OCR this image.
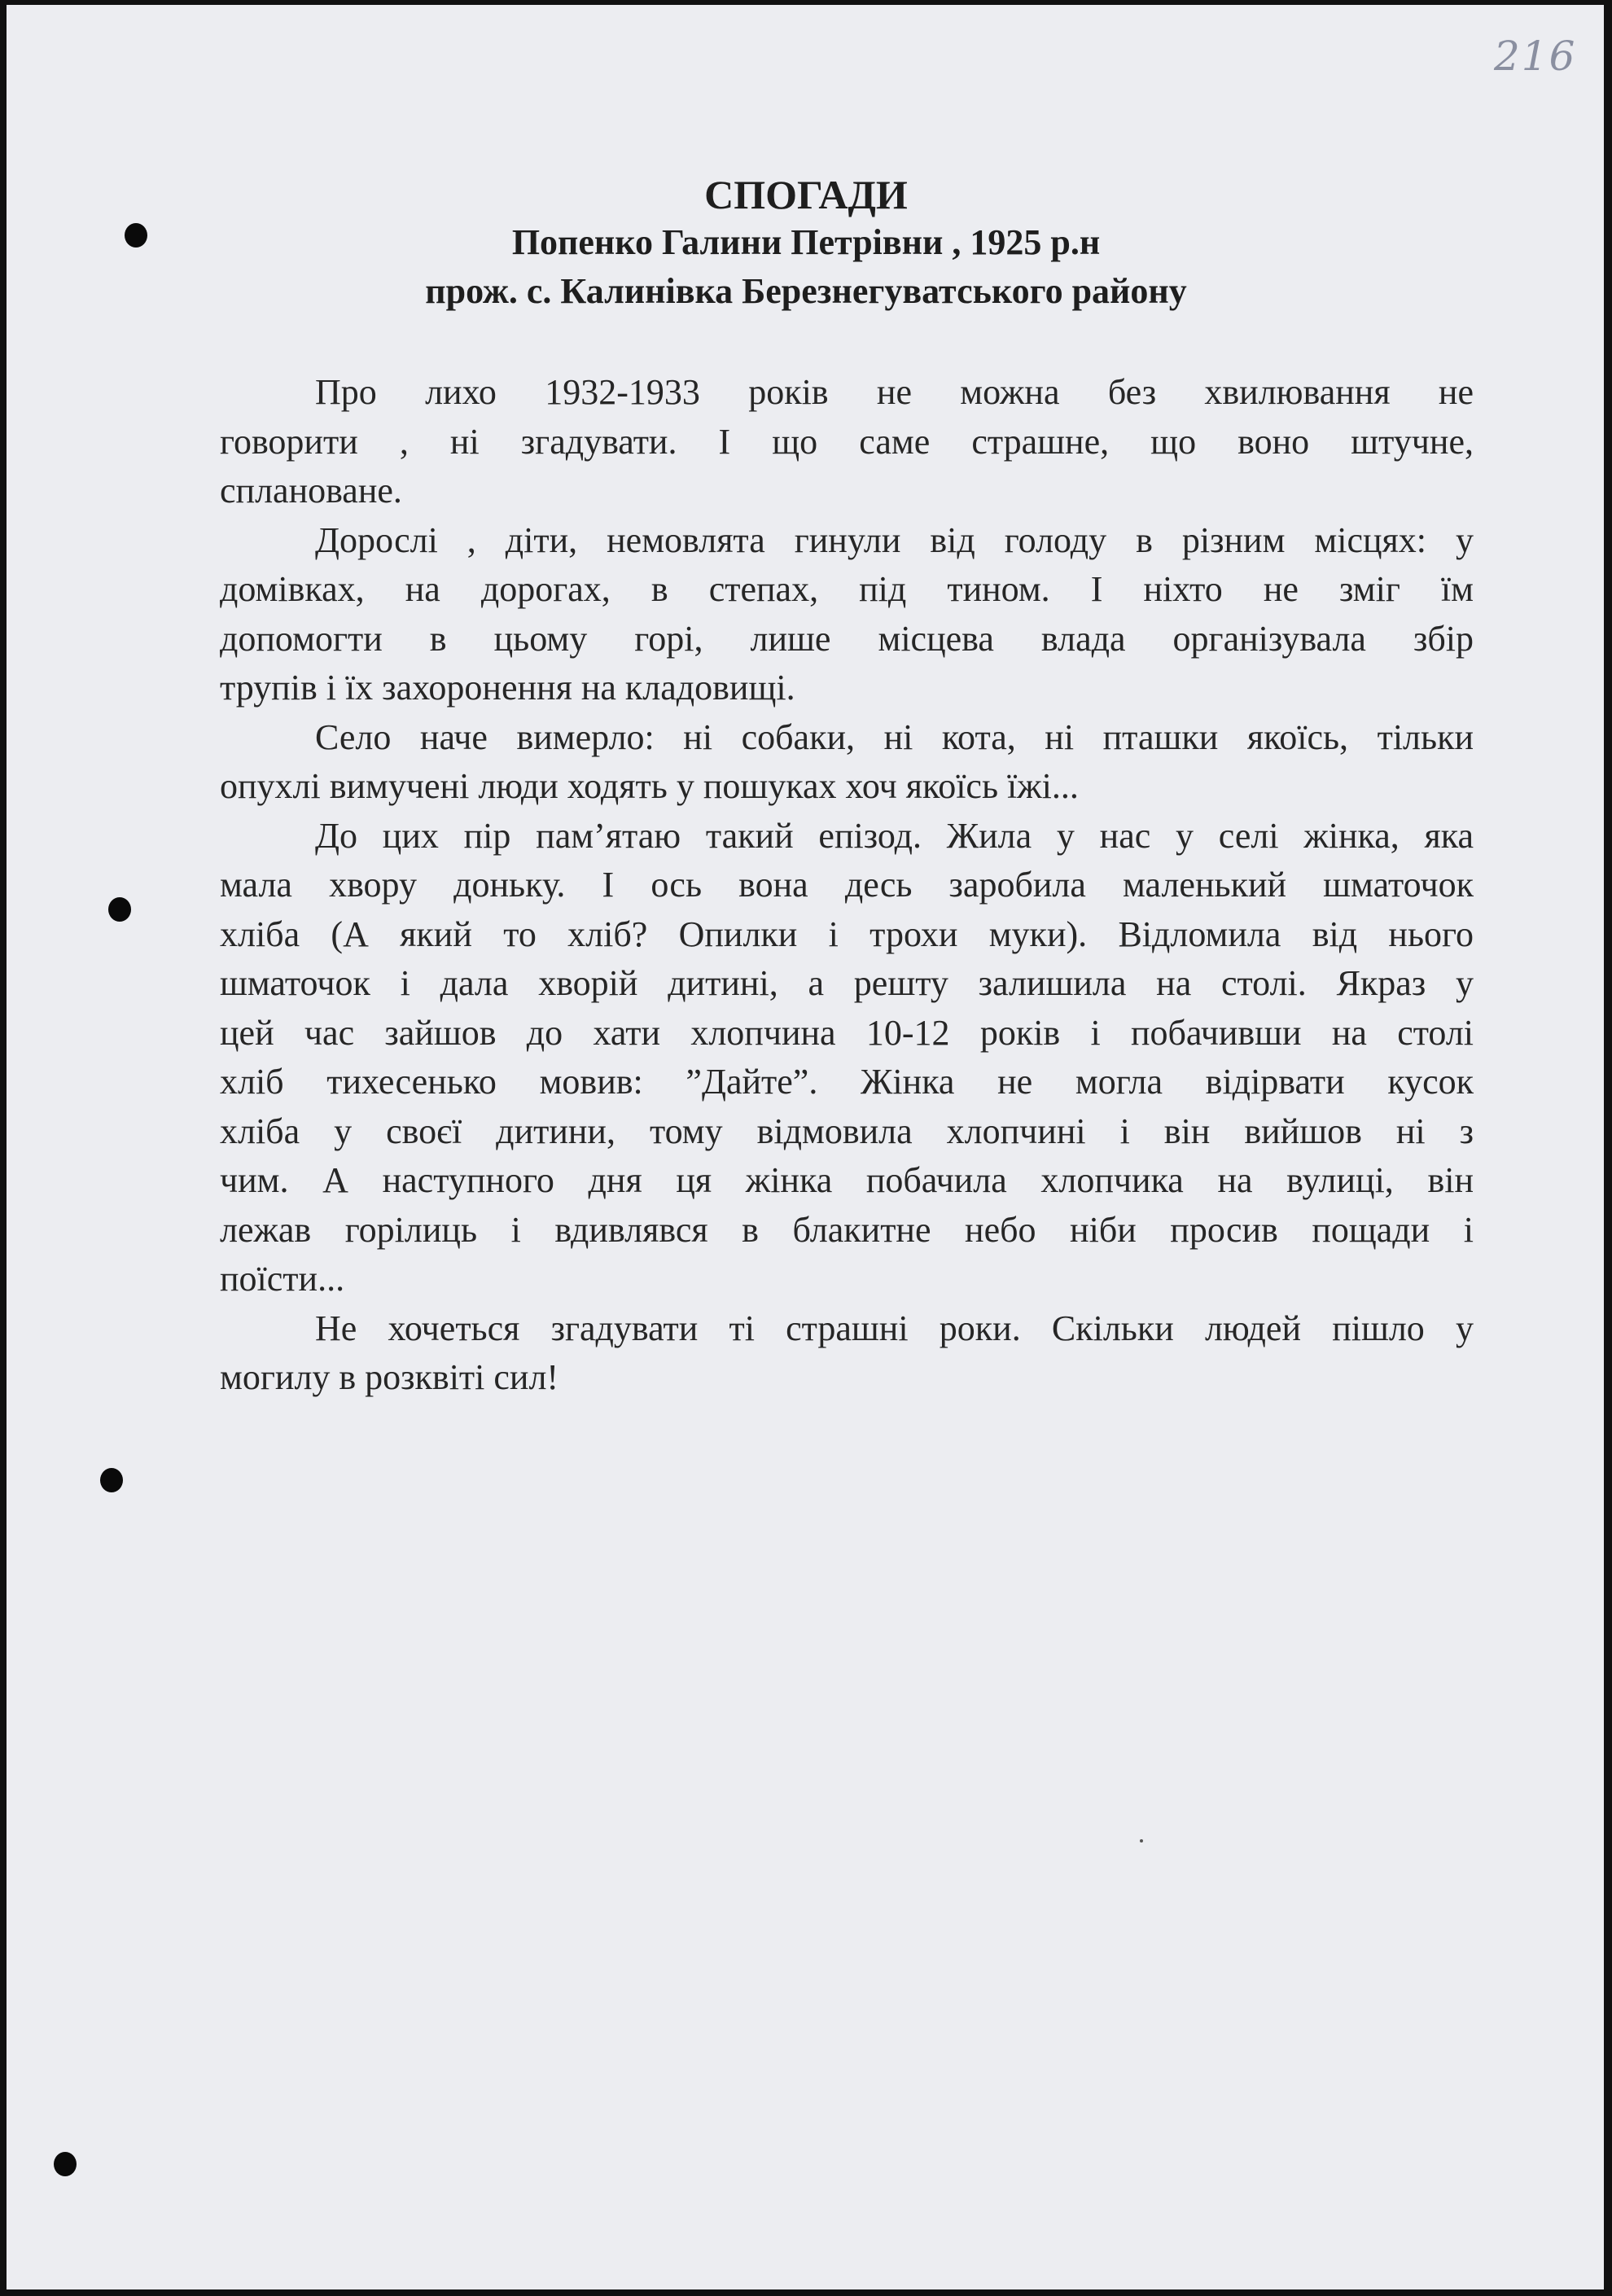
216
СПОГАДИ
Попенко Галини Петрівни , 1925 р.н
прож. с. Калинівка Березнегуватського району
Про лихо 1932-1933 років не можна без хвилювання не
говорити , ні згадувати. І що саме страшне, що воно штучне,
сплановане.
Дорослі , діти, немовлята гинули від голоду в різним місцях: у
домівках, на дорогах, в степах, під тином. І ніхто не зміг їм
допомогти в цьому горі, лише місцева влада організувала збір
трупів і їх захоронення на кладовищі.
Село наче вимерло: ні собаки, ні кота, ні пташки якоїсь, тільки
опухлі вимучені люди ходять у пошуках хоч якоїсь їжі...
До цих пір пам’ятаю такий епізод. Жила у нас у селі жінка, яка
мала хвору доньку. І ось вона десь заробила маленький шматочок
хліба (А який то хліб? Опилки і трохи муки). Відломила від нього
шматочок і дала хворій дитині, а решту залишила на столі. Якраз у
цей час зайшов до хати хлопчина 10-12 років і побачивши на столі
хліб тихесенько мовив: ”Дайте”. Жінка не могла відірвати кусок
хліба у своєї дитини, тому відмовила хлопчині і він вийшов ні з
чим. А наступного дня ця жінка побачила хлопчика на вулиці, він
лежав горілиць і вдивлявся в блакитне небо ніби просив пощади і
поїсти...
Не хочеться згадувати ті страшні роки. Скільки людей пішло у
могилу в розквіті сил!
